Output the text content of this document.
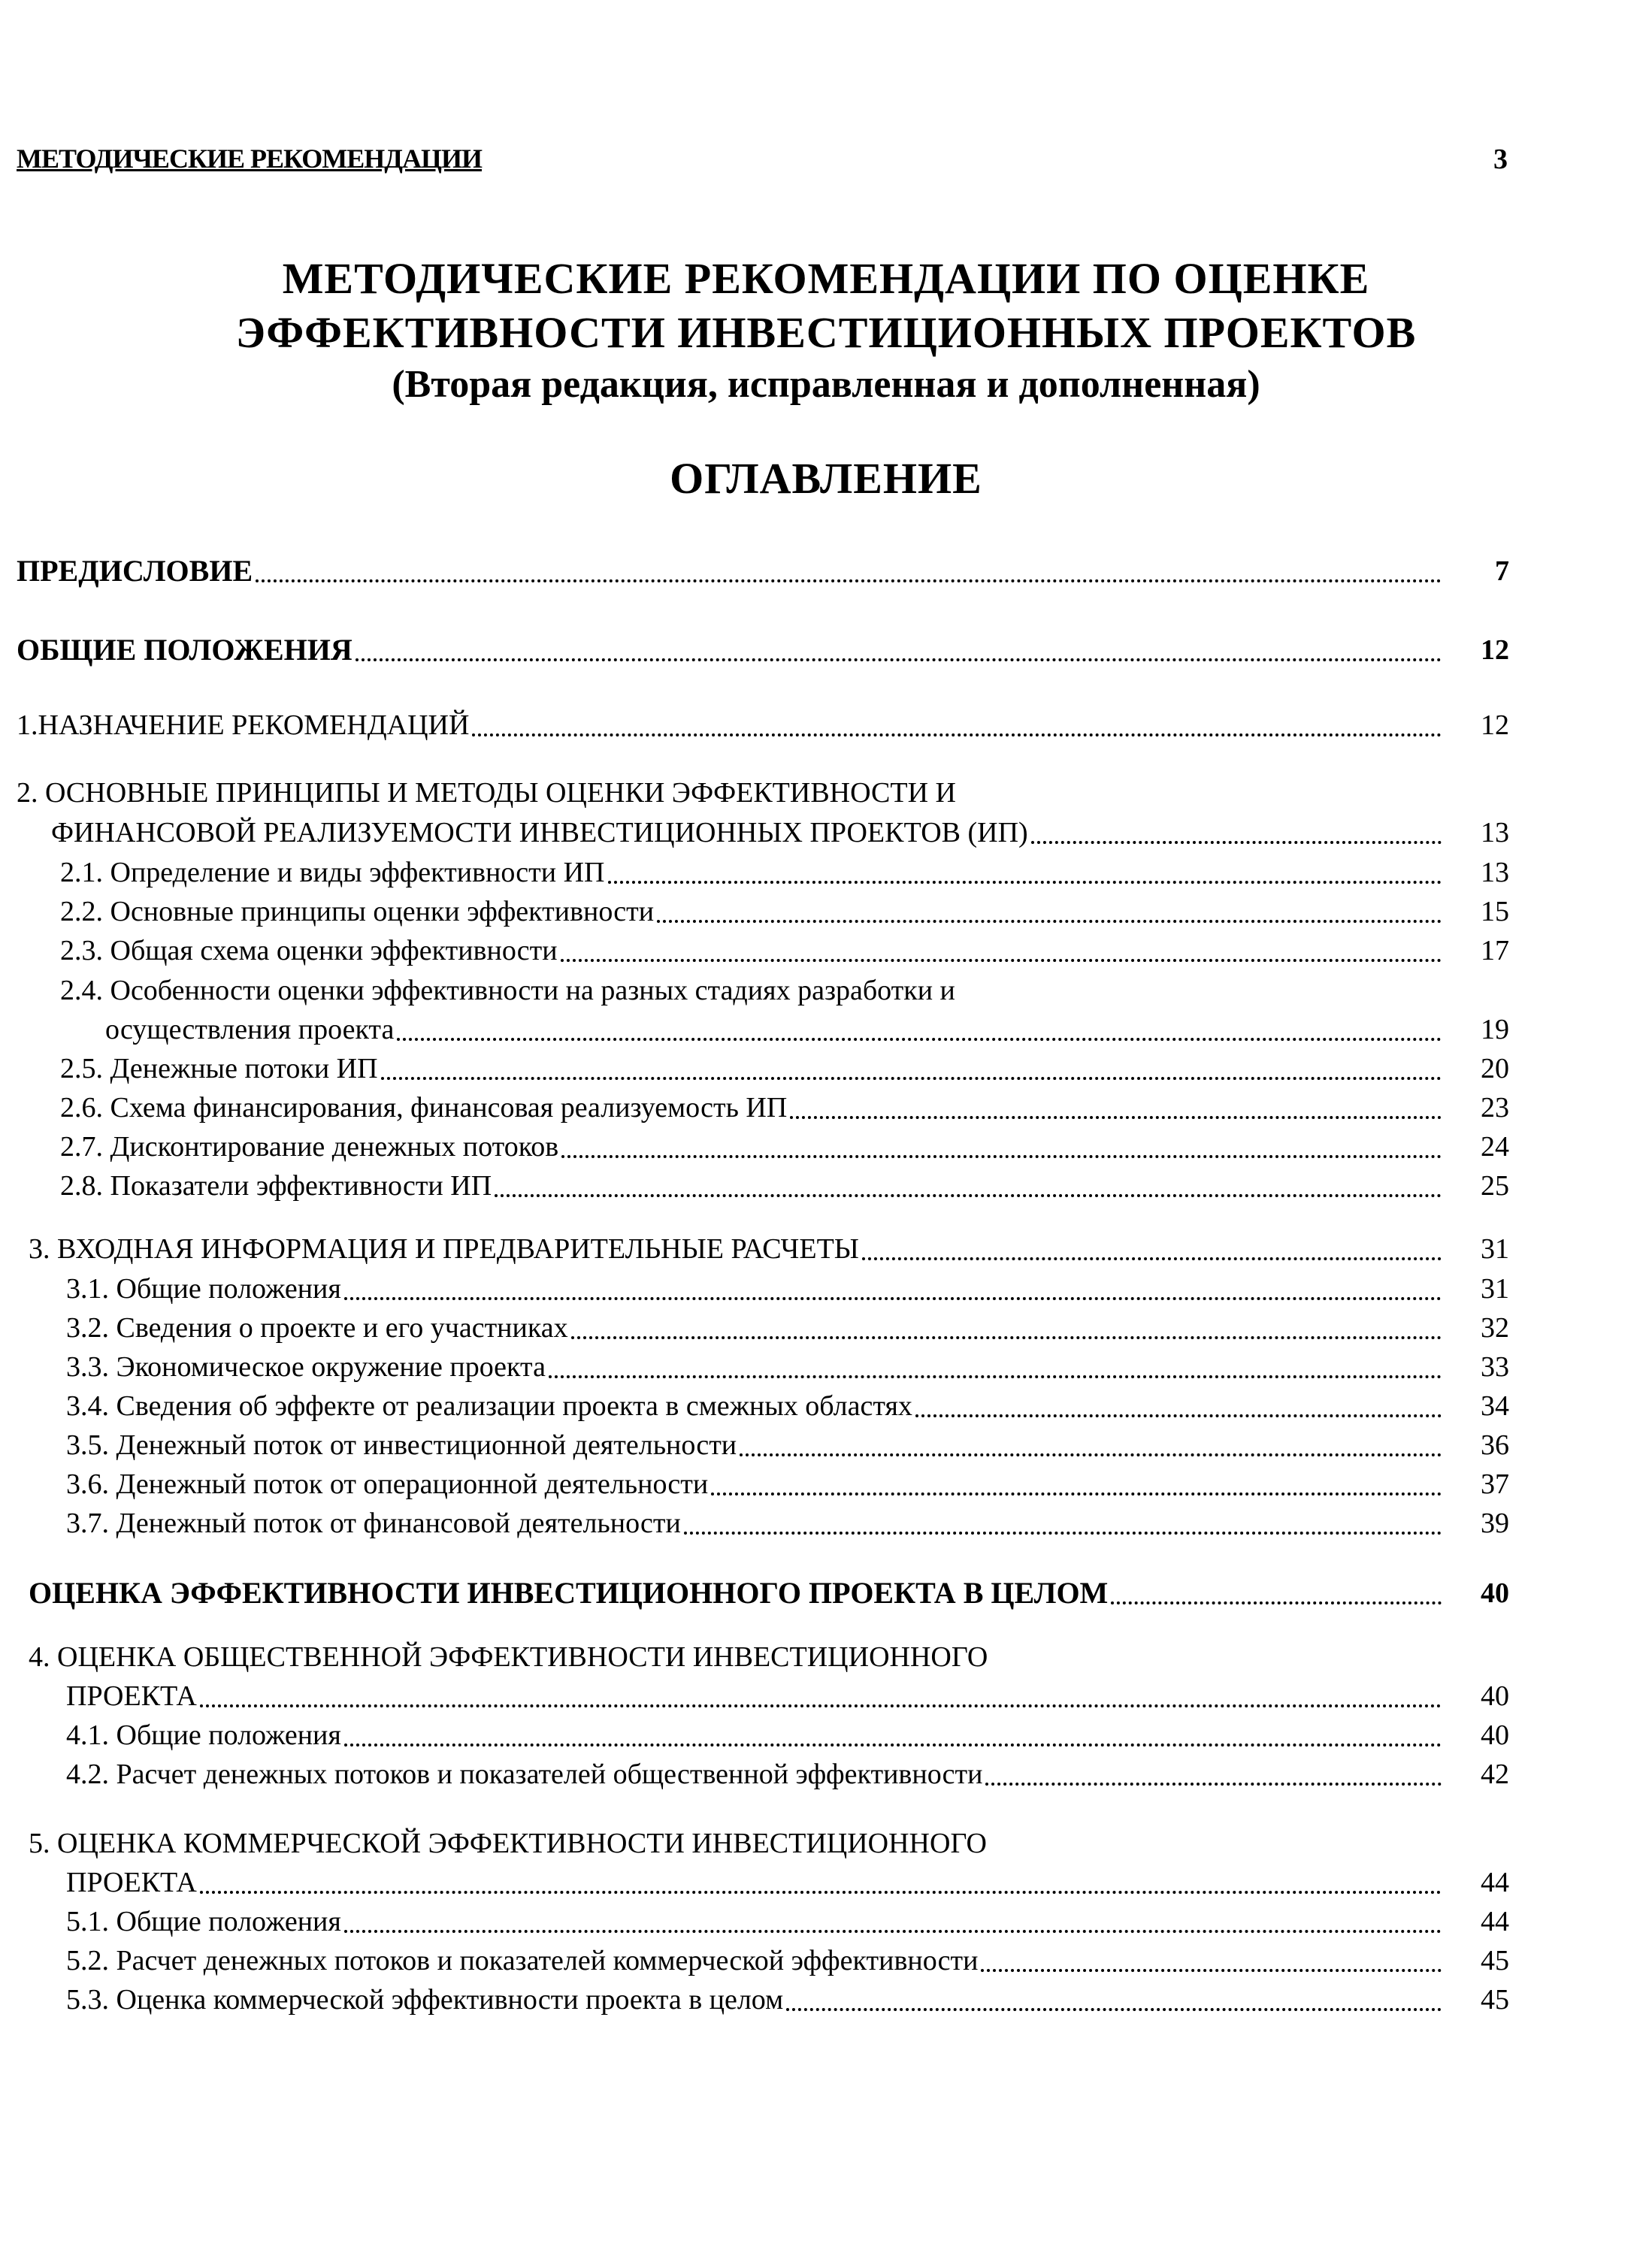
МЕТОДИЧЕСКИЕ РЕКОМЕНДАЦИИ	3
МЕТОДИЧЕСКИЕ РЕКОМЕНДАЦИИ ПО ОЦЕНКЕ
ЭФФЕКТИВНОСТИ ИНВЕСТИЦИОННЫХ ПРОЕКТОВ
(Вторая редакция, исправленная и дополненная)
ОГЛАВЛЕНИЕ
ПРЕДИСЛОВИЕ	7
ОБЩИЕ ПОЛОЖЕНИЯ	12
1.НАЗНАЧЕНИЕ РЕКОМЕНДАЦИЙ	12
2. ОСНОВНЫЕ ПРИНЦИПЫ И МЕТОДЫ ОЦЕНКИ ЭФФЕКТИВНОСТИ И
ФИНАНСОВОЙ РЕАЛИЗУЕМОСТИ ИНВЕСТИЦИОННЫХ ПРОЕКТОВ (ИП)	13
2.1. Определение и виды эффективности ИП	13
2.2. Основные принципы оценки эффективности	15
2.3. Общая схема оценки эффективности	17
2.4. Особенности оценки эффективности на разных стадиях разработки и
осуществления проекта	19
2.5. Денежные потоки ИП	20
2.6. Схема финансирования, финансовая реализуемость ИП	23
2.7. Дисконтирование денежных потоков	24
2.8. Показатели эффективности ИП	25
3. ВХОДНАЯ ИНФОРМАЦИЯ И ПРЕДВАРИТЕЛЬНЫЕ РАСЧЕТЫ	31
3.1. Общие положения	31
3.2. Сведения о проекте и его участниках	32
3.3. Экономическое окружение проекта	33
3.4. Сведения об эффекте от реализации проекта в смежных областях	34
3.5. Денежный поток от инвестиционной деятельности	36
3.6. Денежный поток от операционной деятельности	37
3.7. Денежный поток от финансовой деятельности	39
ОЦЕНКА ЭФФЕКТИВНОСТИ ИНВЕСТИЦИОННОГО ПРОЕКТА В ЦЕЛОМ	40
4. ОЦЕНКА ОБЩЕСТВЕННОЙ ЭФФЕКТИВНОСТИ ИНВЕСТИЦИОННОГО
ПРОЕКТА	40
4.1. Общие положения	40
4.2. Расчет денежных потоков и показателей общественной эффективности	42
5. ОЦЕНКА КОММЕРЧЕСКОЙ ЭФФЕКТИВНОСТИ ИНВЕСТИЦИОННОГО
ПРОЕКТА	44
5.1. Общие положения	44
5.2. Расчет денежных потоков и показателей коммерческой эффективности	45
5.3. Оценка коммерческой эффективности проекта в целом	45
